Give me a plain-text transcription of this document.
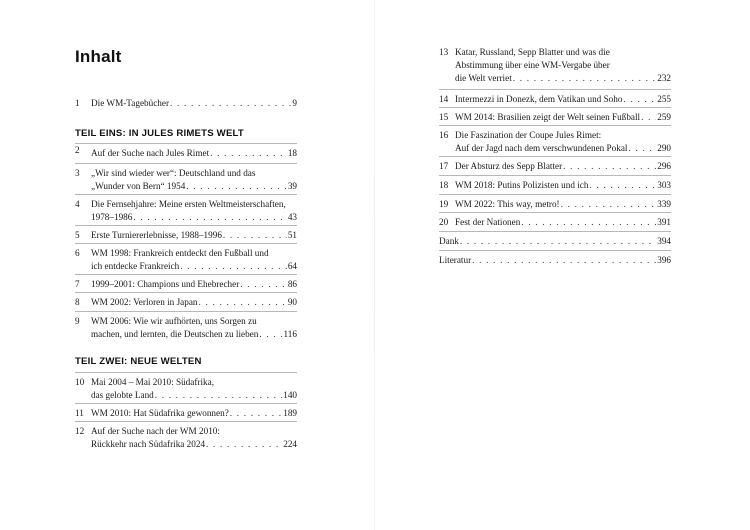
Inhalt
1	Die WM-Tagebücher . . .	9
TEIL EINS: IN JULES RIMETS WELT
2	Auf der Suche nach Jules Rimet . . .	18
3	„Wir sind wieder wer“: Deutschland und das
„Wunder von Bern“ 1954 . . .	39
4	Die Fernsehjahre: Meine ersten Weltmeisterschaften,
1978–1986 . . .	43
5	Erste Turniererlebnisse, 1988–1996 . . .	51
6	WM 1998: Frankreich entdeckt den Fußball und
ich entdecke Frankreich . . .	64
7	1999–2001: Champions und Ehebrecher . . .	86
8	WM 2002: Verloren in Japan . . .	90
9	WM 2006: Wie wir aufhörten, uns Sorgen zu
machen, und lernten, die Deutschen zu lieben . . .	116
TEIL ZWEI: NEUE WELTEN
10 Mai 2004 – Mai 2010: Südafrika,
das gelobte Land . . .	140
11 WM 2010: Hat Südafrika gewonnen? . . .	189
12 Auf der Suche nach der WM 2010:
Rückkehr nach Südafrika 2024 . . .	224
13 Katar, Russland, Sepp Blatter und was die
Abstimmung über eine WM-Vergabe über
die Welt verriet . . .	232
14 Intermezzi in Donezk, dem Vatikan und Soho . . .	255
15 WM 2014: Brasilien zeigt der Welt seinen Fußball . . . 259
16 Die Faszination der Coupe Jules Rimet:
Auf der Jagd nach dem verschwundenen Pokal . . .	290
17 Der Absturz des Sepp Blatter . . .	296
18 WM 2018: Putins Polizisten und ich . . .	303
19 WM 2022: This way, metro! . . .	339
20 Fest der Nationen . . .	391
Dank . . .	394
Literatur . . .	396
